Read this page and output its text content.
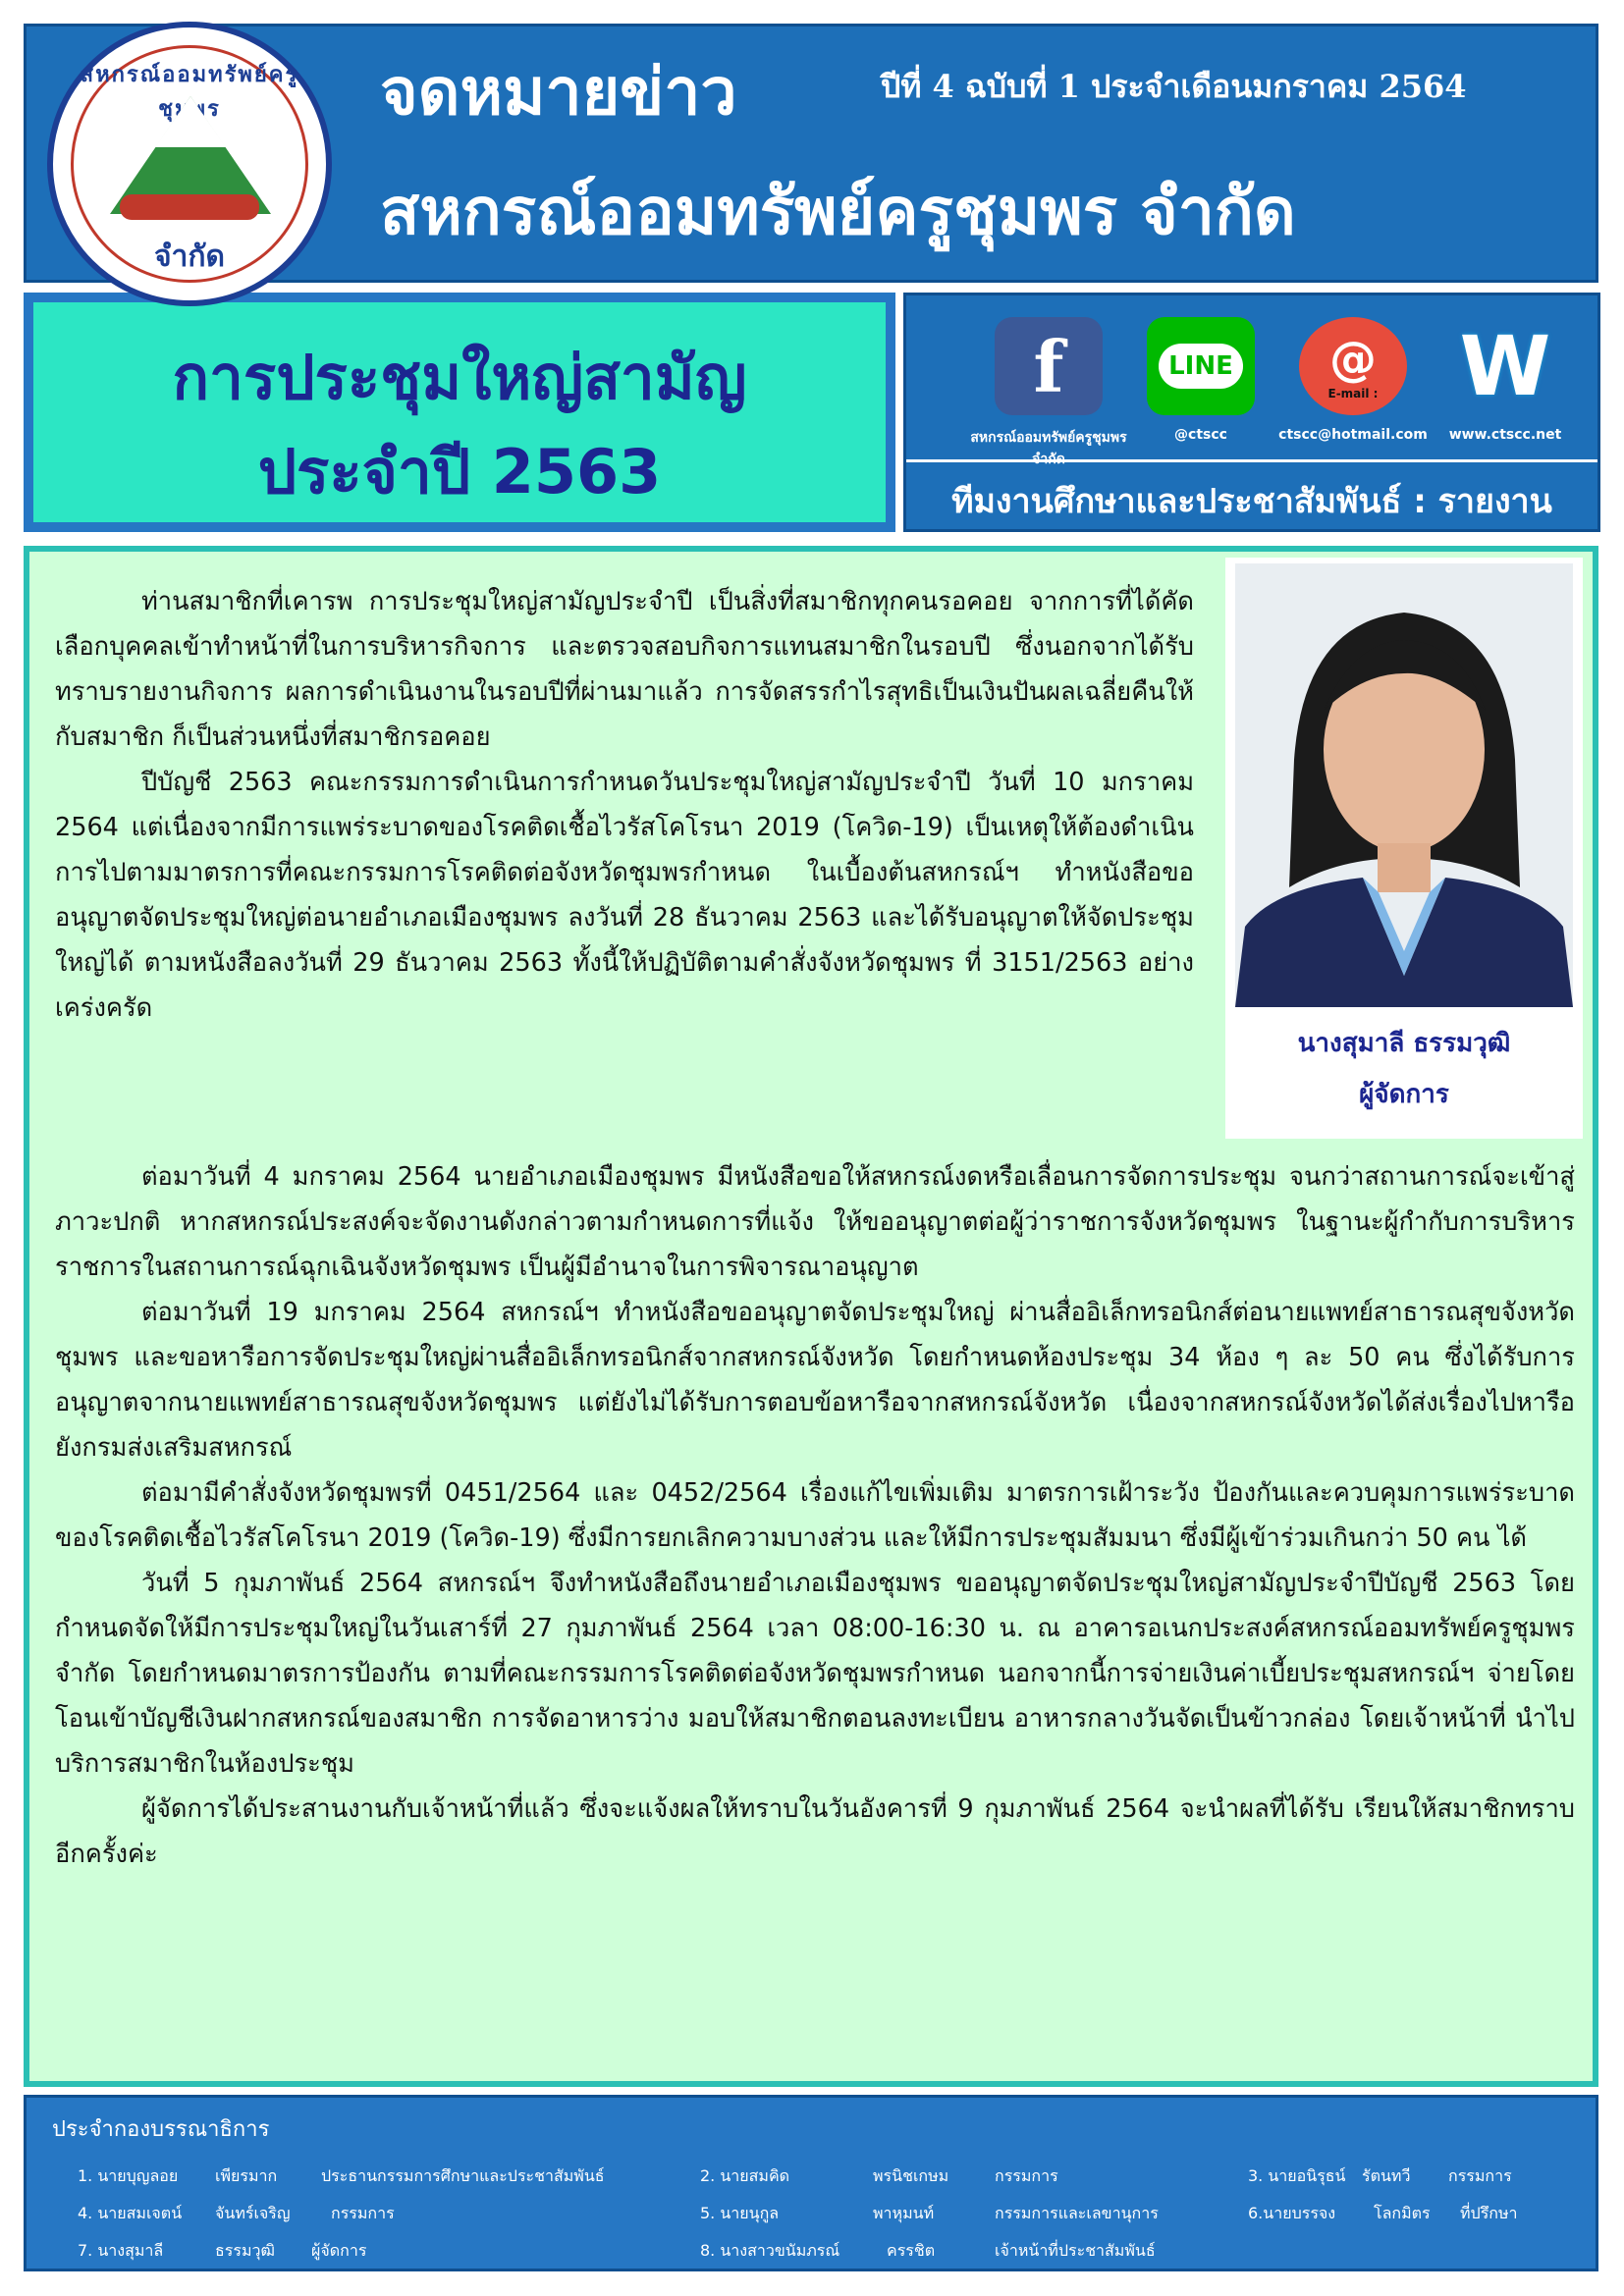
จดหมายข่าว	ปีที่ 4 ฉบับที่ 1 ประจำเดือนมกราคม 2564
สหกรณ์ออมทรัพย์ครูชุมพร จำกัด
สหกรณ์ออมทรัพย์ครูชุมพร
จำกัด
การประชุมใหญ่สามัญ
ประจำปี 2563
f	LINE @
E-mail : W
สหกรณ์ออมทรัพย์ครูชุมพร จำกัด
@ctscc	ctscc@hotmail.com	www.ctscc.net
ทีมงานศึกษาและประชาสัมพันธ์ : รายงาน

ท่านสมาชิกที่เคารพ การประชุมใหญ่สามัญประจำปี เป็นสิ่งที่สมาชิกทุกคนรอคอย จากการที่ได้คัดเลือกบุคคลเข้าทำหน้าที่ในการบริหารกิจการ และตรวจสอบกิจการแทนสมาชิกในรอบปี ซึ่งนอกจากได้รับทราบรายงานกิจการ ผลการดำเนินงานในรอบปีที่ผ่านมาแล้ว การจัดสรรกำไรสุทธิเป็นเงินปันผลเฉลี่ยคืนให้กับสมาชิก ก็เป็นส่วนหนึ่งที่สมาชิกรอคอย

ปีบัญชี 2563 คณะกรรมการดำเนินการกำหนดวันประชุมใหญ่สามัญประจำปี วันที่ 10 มกราคม 2564 แต่เนื่องจากมีการแพร่ระบาดของโรคติดเชื้อไวรัสโคโรนา 2019 (โควิด-19) เป็นเหตุให้ต้องดำเนินการไปตามมาตรการที่คณะกรรมการโรคติดต่อจังหวัดชุมพรกำหนด ในเบื้องต้นสหกรณ์ฯ ทำหนังสือขออนุญาตจัดประชุมใหญ่ต่อนายอำเภอเมืองชุมพร ลงวันที่ 28 ธันวาคม 2563 และได้รับอนุญาตให้จัดประชุมใหญ่ได้ ตามหนังสือลงวันที่ 29 ธันวาคม 2563 ทั้งนี้ให้ปฏิบัติตามคำสั่งจังหวัดชุมพร ที่ 3151/2563 อย่างเคร่งครัด

นางสุมาลี ธรรมวุฒิ
ผู้จัดการ

ต่อมาวันที่ 4 มกราคม 2564 นายอำเภอเมืองชุมพร มีหนังสือขอให้สหกรณ์งดหรือเลื่อนการจัดการประชุม จนกว่าสถานการณ์จะเข้าสู่ภาวะปกติ หากสหกรณ์ประสงค์จะจัดงานดังกล่าวตามกำหนดการที่แจ้ง ให้ขออนุญาตต่อผู้ว่าราชการจังหวัดชุมพร ในฐานะผู้กำกับการบริหารราชการในสถานการณ์ฉุกเฉินจังหวัดชุมพร เป็นผู้มีอำนาจในการพิจารณาอนุญาต

ต่อมาวันที่ 19 มกราคม 2564 สหกรณ์ฯ ทำหนังสือขออนุญาตจัดประชุมใหญ่ ผ่านสื่ออิเล็กทรอนิกส์ต่อนายแพทย์สาธารณสุขจังหวัดชุมพร และขอหารือการจัดประชุมใหญ่ผ่านสื่ออิเล็กทรอนิกส์จากสหกรณ์จังหวัด โดยกำหนดห้องประชุม 34 ห้อง ๆ ละ 50 คน ซึ่งได้รับการอนุญาตจากนายแพทย์สาธารณสุขจังหวัดชุมพร แต่ยังไม่ได้รับการตอบข้อหารือจากสหกรณ์จังหวัด เนื่องจากสหกรณ์จังหวัดได้ส่งเรื่องไปหารือยังกรมส่งเสริมสหกรณ์

ต่อมามีคำสั่งจังหวัดชุมพรที่ 0451/2564 และ 0452/2564 เรื่องแก้ไขเพิ่มเติม มาตรการเฝ้าระวัง ป้องกันและควบคุมการแพร่ระบาดของโรคติดเชื้อไวรัสโคโรนา 2019 (โควิด-19) ซึ่งมีการยกเลิกความบางส่วน และให้มีการประชุมสัมมนา ซึ่งมีผู้เข้าร่วมเกินกว่า 50 คน ได้

วันที่ 5 กุมภาพันธ์ 2564 สหกรณ์ฯ จึงทำหนังสือถึงนายอำเภอเมืองชุมพร ขออนุญาตจัดประชุมใหญ่สามัญประจำปีบัญชี 2563 โดยกำหนดจัดให้มีการประชุมใหญ่ในวันเสาร์ที่ 27 กุมภาพันธ์ 2564 เวลา 08:00-16:30 น. ณ อาคารอเนกประสงค์สหกรณ์ออมทรัพย์ครูชุมพร จำกัด โดยกำหนดมาตรการป้องกัน ตามที่คณะกรรมการโรคติดต่อจังหวัดชุมพรกำหนด นอกจากนี้การจ่ายเงินค่าเบี้ยประชุมสหกรณ์ฯ จ่ายโดยโอนเข้าบัญชีเงินฝากสหกรณ์ของสมาชิก การจัดอาหารว่าง มอบให้สมาชิกตอนลงทะเบียน อาหารกลางวันจัดเป็นข้าวกล่อง โดยเจ้าหน้าที่ นำไปบริการสมาชิกในห้องประชุม

ผู้จัดการได้ประสานงานกับเจ้าหน้าที่แล้ว ซึ่งจะแจ้งผลให้ทราบในวันอังคารที่ 9 กุมภาพันธ์ 2564 จะนำผลที่ได้รับ เรียนให้สมาชิกทราบอีกครั้งค่ะ

ประจำกองบรรณาธิการ
1. นายบุญลอย เพียรมาก	ประธานกรรมการศึกษาและประชาสัมพันธ์	2. นายสมคิด	พรนิชเกษม	กรรมการ	3. นายอนิรุธน์ รัตนทวี กรรมการ
4. นายสมเจตน์ จันทร์เจริญ	กรรมการ	5. นายนุกูล	พาหุมนท์	กรรมการและเลขานุการ	6.นายบรรจง โลกมิตร ที่ปรึกษา
7. นางสุมาลี	ธรรมวุฒิ ผู้จัดการ	8. นางสาวขนัมภรณ์	ครรชิต	เจ้าหน้าที่ประชาสัมพันธ์
